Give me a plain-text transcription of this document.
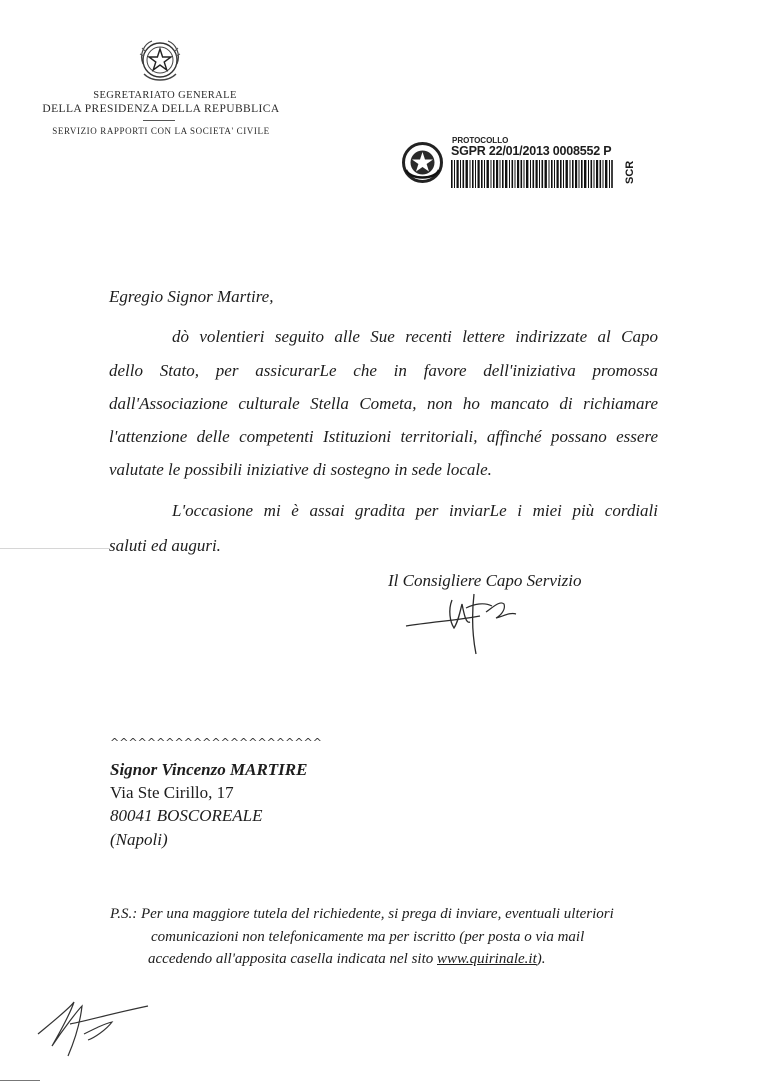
SEGRETARIATO GENERALE
DELLA PRESIDENZA DELLA REPUBBLICA
SERVIZIO RAPPORTI CON LA SOCIETA' CIVILE
PROTOCOLLO
SGPR 22/01/2013 0008552 P
SCR
Egregio Signor Martire,
dò volentieri seguito alle Sue recenti lettere indirizzate al Capo
dello Stato, per assicurarLe che in favore dell'iniziativa promossa
dall'Associazione culturale Stella Cometa, non ho mancato di richiamare
l'attenzione delle competenti Istituzioni territoriali, affinché possano essere
valutate le possibili iniziative di sostegno in sede locale.
L'occasione mi è assai gradita per inviarLe i miei più cordiali
saluti ed auguri.
Il Consigliere Capo Servizio
^^^^^^^^^^^^^^^^^^^^^^^
Signor Vincenzo MARTIRE
Via Ste Cirillo, 17
80041 BOSCOREALE
(Napoli)
P.S.: Per una maggiore tutela del richiedente, si prega di inviare, eventuali ulteriori
comunicazioni non telefonicamente ma per iscritto (per posta o via mail
accedendo all'apposita casella indicata nel sito www.quirinale.it).
